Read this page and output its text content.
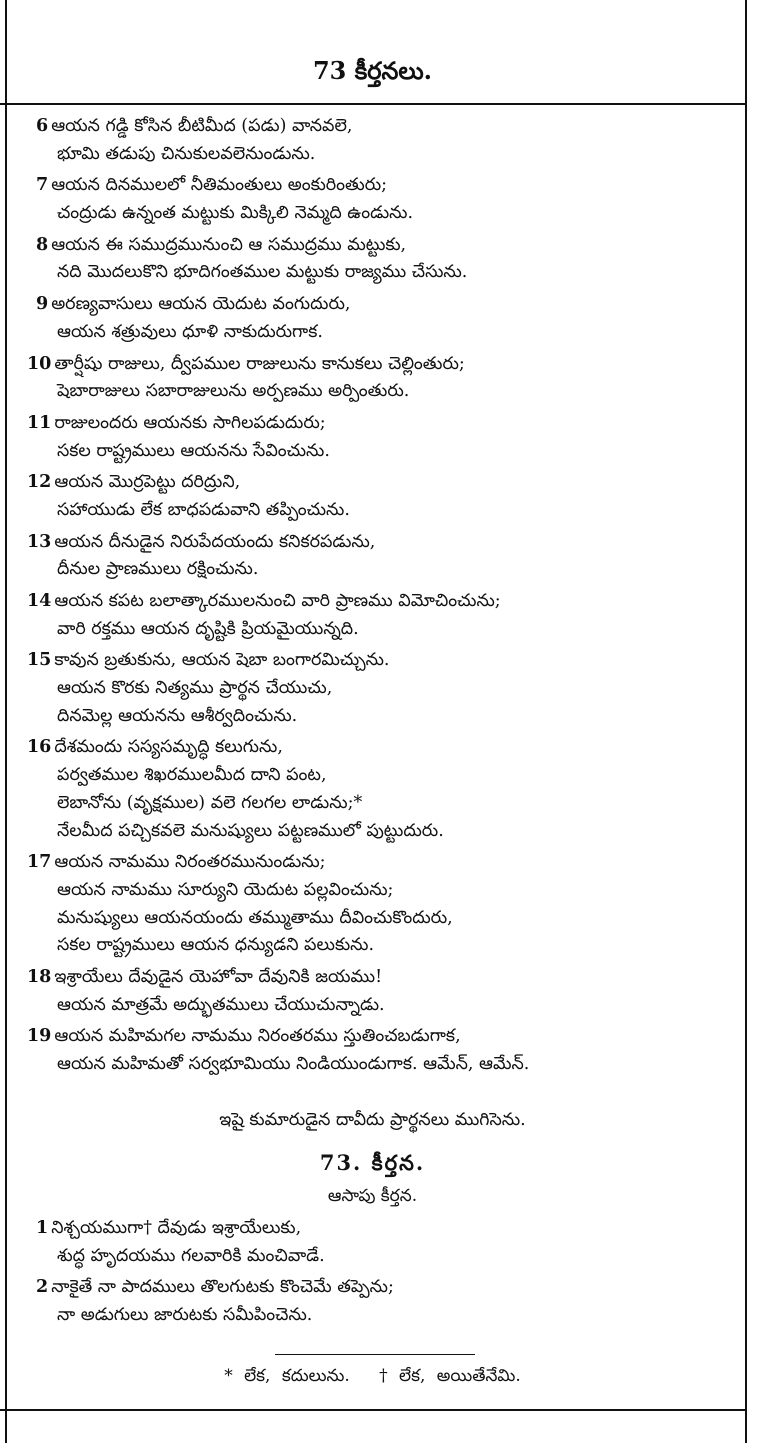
73 కీర్తనలు.
6 ఆయన గడ్డి కోసిన బీటిమీద (పడు) వానవలె,
భూమి తడుపు చినుకులవలెనుండును.
7 ఆయన దినములలో నీతిమంతులు అంకురింతురు;
చంద్రుడు ఉన్నంత మట్టుకు మిక్కిలి నెమ్మది ఉండును.
8 ఆయన ఈ సముద్రమునుంచి ఆ సముద్రము మట్టుకు,
నది మొదలుకొని భూదిగంతముల మట్టుకు రాజ్యము చేసును.
9 అరణ్యవాసులు ఆయన యెదుట వంగుదురు,
ఆయన శత్రువులు ధూళి నాకుదురుగాక.
10 తార్షీషు రాజులు, ద్వీపముల రాజులును కానుకలు చెల్లింతురు;
షెబారాజులు సబారాజులును అర్పణము అర్పింతురు.
11 రాజులందరు ఆయనకు సాగిలపడుదురు;
సకల రాష్ట్రములు ఆయనను సేవించును.
12 ఆయన మొర్రపెట్టు దరిద్రుని,
సహాయుడు లేక బాధపడువాని తప్పించును.
13 ఆయన దీనుడైన నిరుపేదయందు కనికరపడును,
దీనుల ప్రాణములు రక్షించును.
14 ఆయన కపట బలాత్కారములనుంచి వారి ప్రాణము విమోచించును;
వారి రక్తము ఆయన దృష్టికి ప్రియమైయున్నది.
15 కావున బ్రతుకును, ఆయన షెబా బంగారమిచ్చును.
ఆయన కొరకు నిత్యము ప్రార్థన చేయుచు,
దినమెల్ల ఆయనను ఆశీర్వదించును.
16 దేశమందు సస్యసమృద్ధి కలుగును,
పర్వతముల శిఖరములమీద దాని పంట,
లెబానోను (వృక్షముల) వలె గలగల లాడును;*
నేలమీద పచ్చికవలె మనుష్యులు పట్టణములో పుట్టుదురు.
17 ఆయన నామము నిరంతరమునుండును;
ఆయన నామము సూర్యుని యెదుట పల్లవించును;
మనుష్యులు ఆయనయందు తమ్ముతాము దీవించుకొందురు,
సకల రాష్ట్రములు ఆయన ధన్యుడని పలుకును.
18 ఇశ్రాయేలు దేవుడైన యెహోవా దేవునికి జయము!
ఆయన మాత్రమే అద్భుతములు చేయుచున్నాడు.
19 ఆయన మహిమగల నామము నిరంతరము స్తుతించబడుగాక,
ఆయన మహిమతో సర్వభూమియు నిండియుండుగాక. ఆమేన్, ఆమేన్.
ఇషై కుమారుడైన దావీదు ప్రార్థనలు ముగిసెను.
73. కీర్తన.
ఆసాపు కీర్తన.
1 నిశ్చయముగా† దేవుడు ఇశ్రాయేలుకు,
శుద్ధ హృదయము గలవారికి మంచివాడే.
2 నాకైతే నా పాదములు తొలగుటకు కొంచెమే తప్పెను;
నా అడుగులు జారుటకు సమీపించెను.
* లేక, కదులును. † లేక, అయితేనేమి.
